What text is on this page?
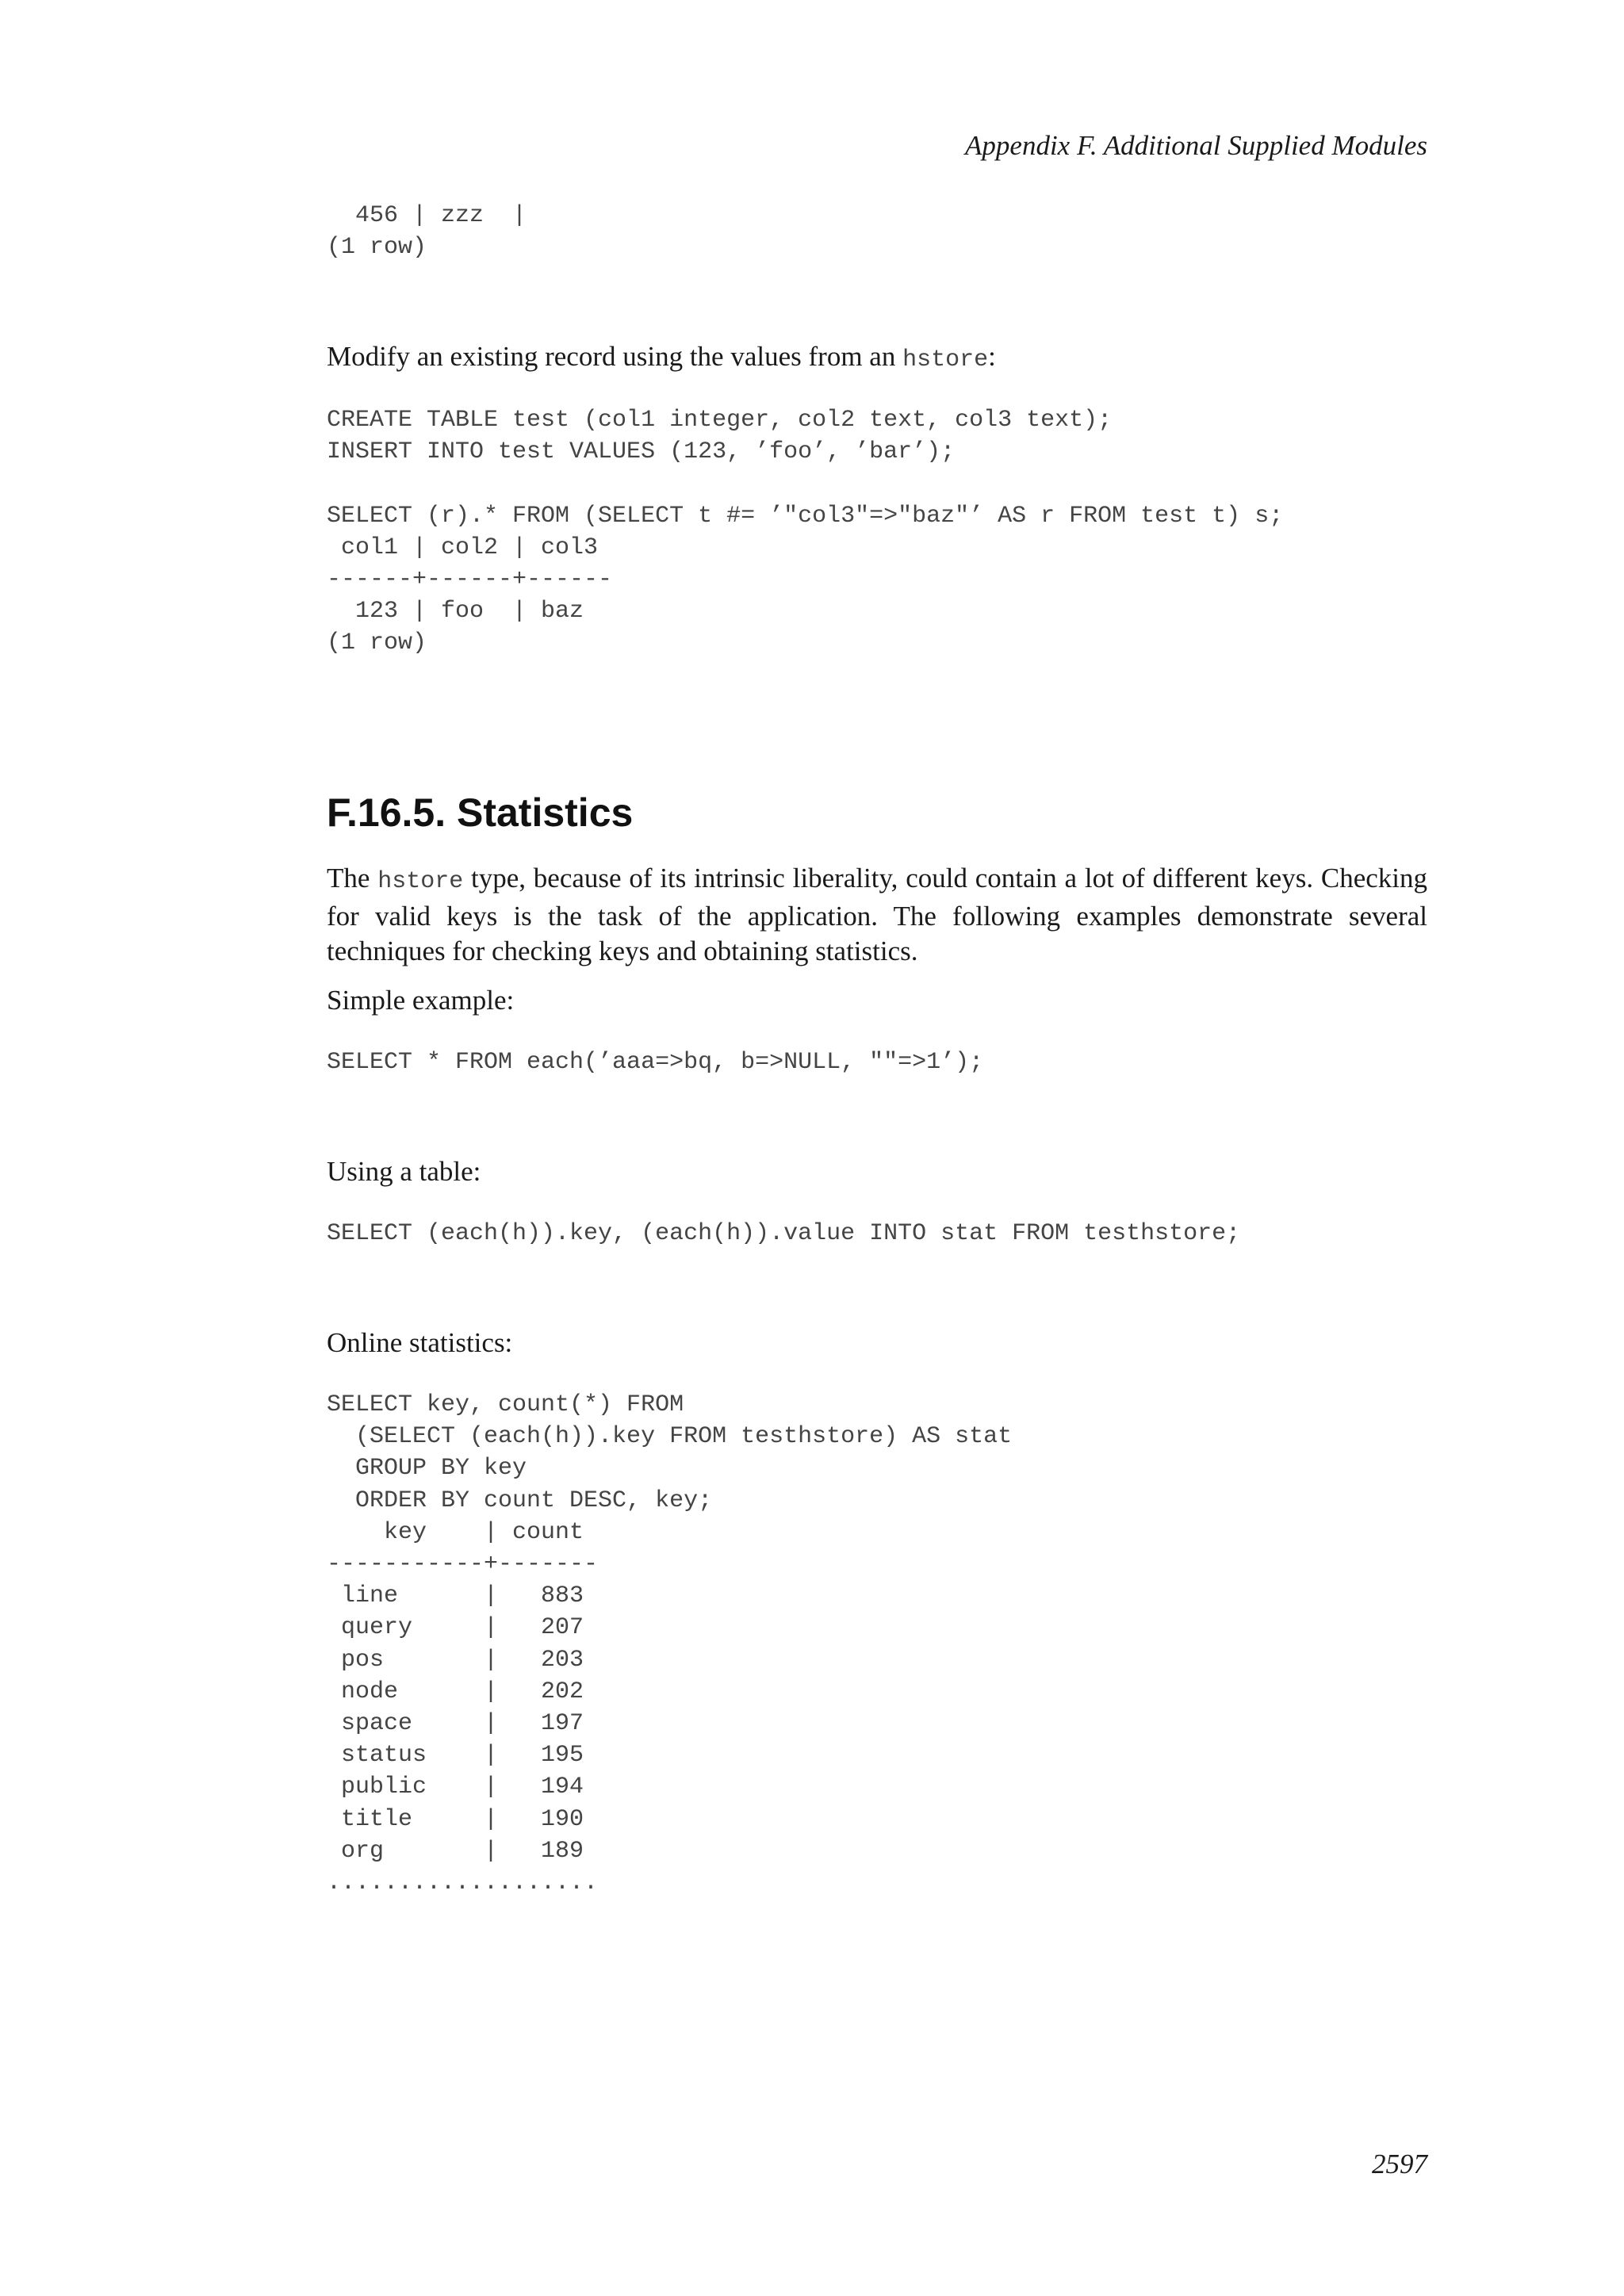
Appendix F. Additional Supplied Modules
456 | zzz  |
(1 row)

Modify an existing record using the values from an hstore:

CREATE TABLE test (col1 integer, col2 text, col3 text);
INSERT INTO test VALUES (123, ’foo’, ’bar’);

SELECT (r).* FROM (SELECT t #= ’"col3"=>"baz"’ AS r FROM test t) s;
col1 | col2 | col3
------+------+------
123 | foo  | baz
(1 row)
F.16.5. Statistics

The hstore type, because of its intrinsic liberality, could contain a lot of different keys. Checking for valid keys is the task of the application. The following examples demonstrate several techniques for checking keys and obtaining statistics.

Simple example:

SELECT * FROM each(’aaa=>bq, b=>NULL, ""=>1’);

Using a table:

SELECT (each(h)).key, (each(h)).value INTO stat FROM testhstore;

Online statistics:

SELECT key, count(*) FROM
(SELECT (each(h)).key FROM testhstore) AS stat
GROUP BY key
ORDER BY count DESC, key;
key    | count
-----------+-------
line      |   883
query     |   207
pos       |   203
node      |   202
space     |   197
status    |   195
public    |   194
title     |   190
org       |   189
...................
2597
